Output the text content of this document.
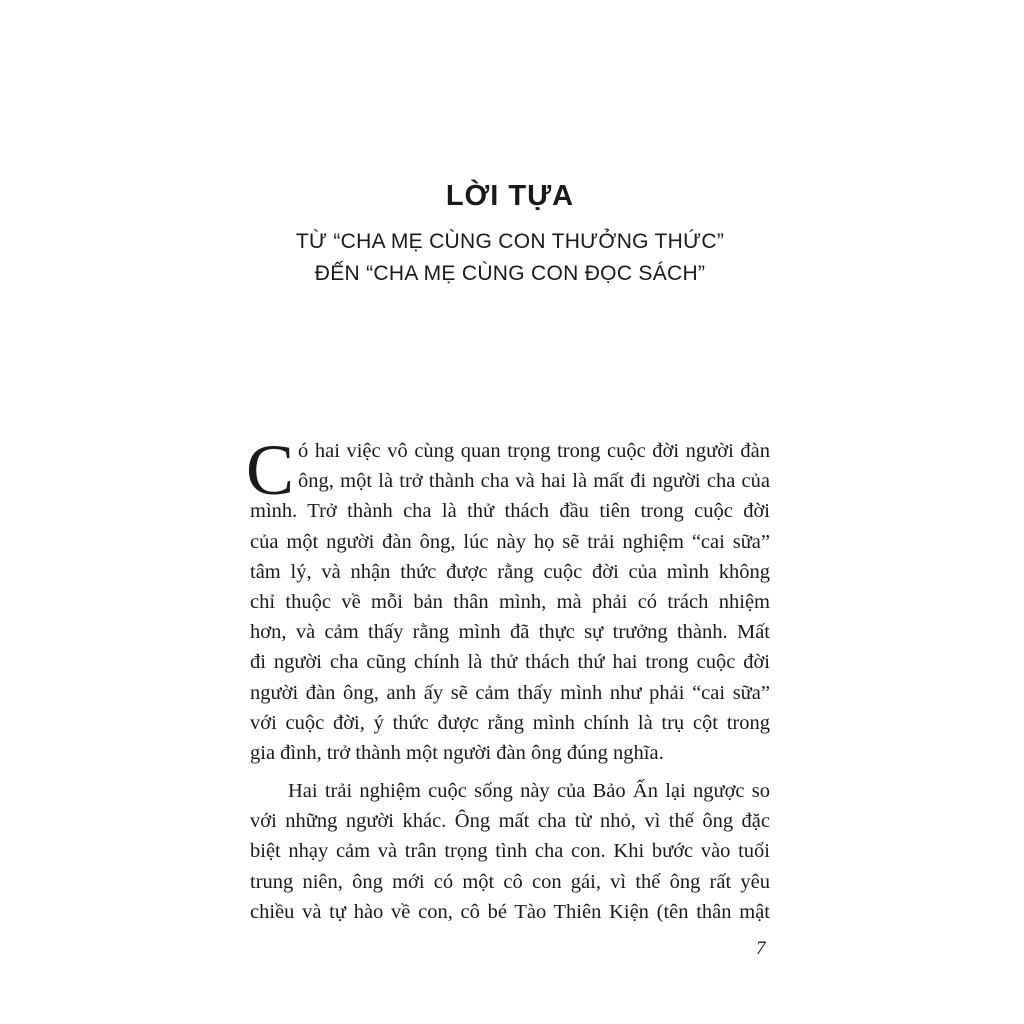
LỜI TỰA
TỪ “CHA MẸ CÙNG CON THƯỞNG THỨC”
ĐẾN “CHA MẸ CÙNG CON ĐỌC SÁCH”
C ó hai việc vô cùng quan trọng trong cuộc đời người đàn
ông, một là trở thành cha và hai là mất đi người cha của
mình. Trở thành cha là thử thách đầu tiên trong cuộc đời
của một người đàn ông, lúc này họ sẽ trải nghiệm “cai sữa”
tâm lý, và nhận thức được rằng cuộc đời của mình không
chỉ thuộc về mỗi bản thân mình, mà phải có trách nhiệm
hơn, và cảm thấy rằng mình đã thực sự trưởng thành. Mất
đi người cha cũng chính là thử thách thứ hai trong cuộc đời
người đàn ông, anh ấy sẽ cảm thấy mình như phải “cai sữa”
với cuộc đời, ý thức được rằng mình chính là trụ cột trong
gia đình, trở thành một người đàn ông đúng nghĩa.
Hai trải nghiệm cuộc sống này của Bảo Ấn lại ngược so
với những người khác. Ông mất cha từ nhỏ, vì thế ông đặc
biệt nhạy cảm và trân trọng tình cha con. Khi bước vào tuổi
trung niên, ông mới có một cô con gái, vì thế ông rất yêu
chiều và tự hào về con, cô bé Tào Thiên Kiện (tên thân mật
7
